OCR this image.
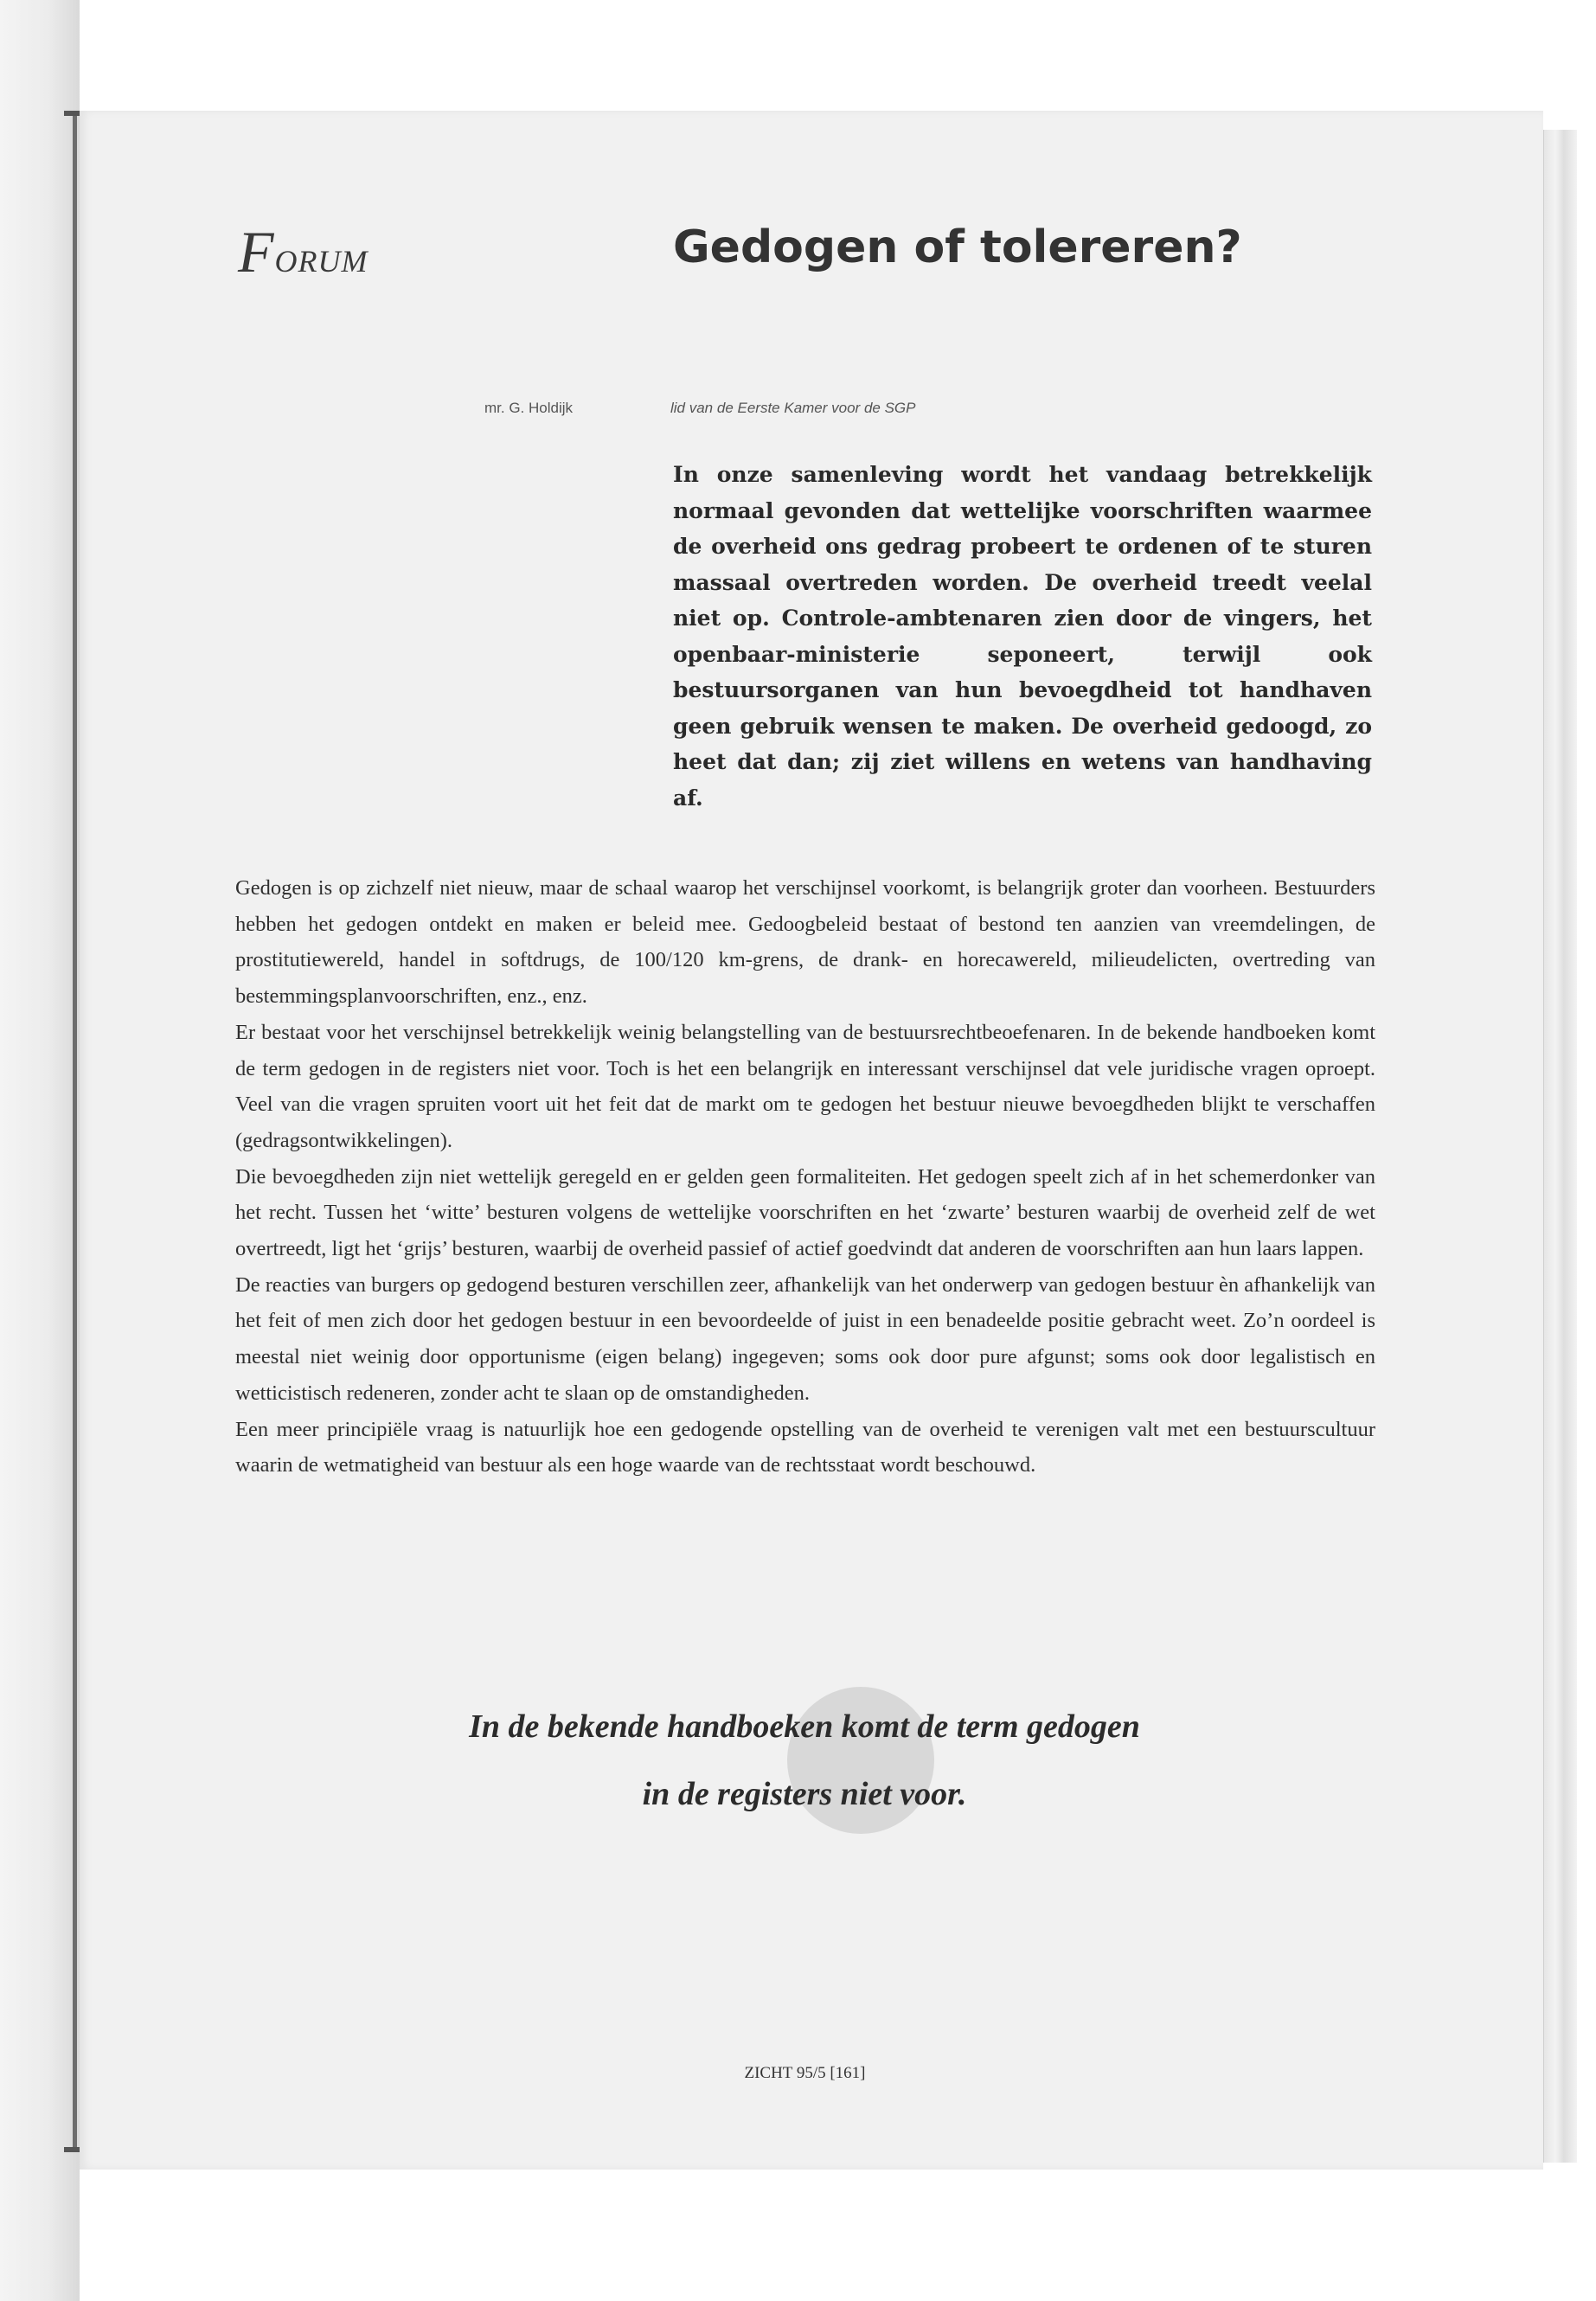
FORUM	Gedogen of tolereren?
mr. G. Holdijk	lid van de Eerste Kamer voor de SGP

In onze samenleving wordt het vandaag betrekkelijk normaal gevonden dat wettelijke voorschriften waarmee de overheid ons gedrag probeert te ordenen of te sturen massaal overtreden worden. De overheid treedt veelal niet op. Controle-ambtenaren zien door de vingers, het openbaar-ministerie seponeert, terwijl ook bestuursorganen van hun bevoegdheid tot handhaven geen gebruik wensen te maken. De overheid gedoogd, zo heet dat dan; zij ziet willens en wetens van handhaving af.

Gedogen is op zichzelf niet nieuw, maar de schaal waarop het verschijnsel voorkomt, is belangrijk groter dan voorheen. Bestuurders hebben het gedogen ontdekt en maken er beleid mee. Gedoogbeleid bestaat of bestond ten aanzien van vreemdelingen, de prostitutiewereld, handel in softdrugs, de 100/120 km-grens, de drank- en horecawereld, milieudelicten, overtreding van bestemmingsplanvoorschriften, enz., enz.

Er bestaat voor het verschijnsel betrekkelijk weinig belangstelling van de bestuursrechtbeoefenaren. In de bekende handboeken komt de term gedogen in de registers niet voor. Toch is het een belangrijk en interessant verschijnsel dat vele juridische vragen oproept. Veel van die vragen spruiten voort uit het feit dat de markt om te gedogen het bestuur nieuwe bevoegdheden blijkt te verschaffen (gedragsontwikkelingen).

Die bevoegdheden zijn niet wettelijk geregeld en er gelden geen formaliteiten. Het gedogen speelt zich af in het schemerdonker van het recht. Tussen het ‘witte’ besturen volgens de wettelijke voorschriften en het ‘zwarte’ besturen waarbij de overheid zelf de wet overtreedt, ligt het ‘grijs’ besturen, waarbij de overheid passief of actief goedvindt dat anderen de voorschriften aan hun laars lappen.

De reacties van burgers op gedogend besturen verschillen zeer, afhankelijk van het onderwerp van gedogen bestuur èn afhankelijk van het feit of men zich door het gedogen bestuur in een bevoordeelde of juist in een benadeelde positie gebracht weet. Zo’n oordeel is meestal niet weinig door opportunisme (eigen belang) ingegeven; soms ook door pure afgunst; soms ook door legalistisch en wetticistisch redeneren, zonder acht te slaan op de omstandigheden.

Een meer principiële vraag is natuurlijk hoe een gedogende opstelling van de overheid te verenigen valt met een bestuurscultuur waarin de wetmatigheid van bestuur als een hoge waarde van de rechtsstaat wordt beschouwd.

In de bekende handboeken komt de term gedogen
in de registers niet voor.
ZICHT 95/5 [161]
